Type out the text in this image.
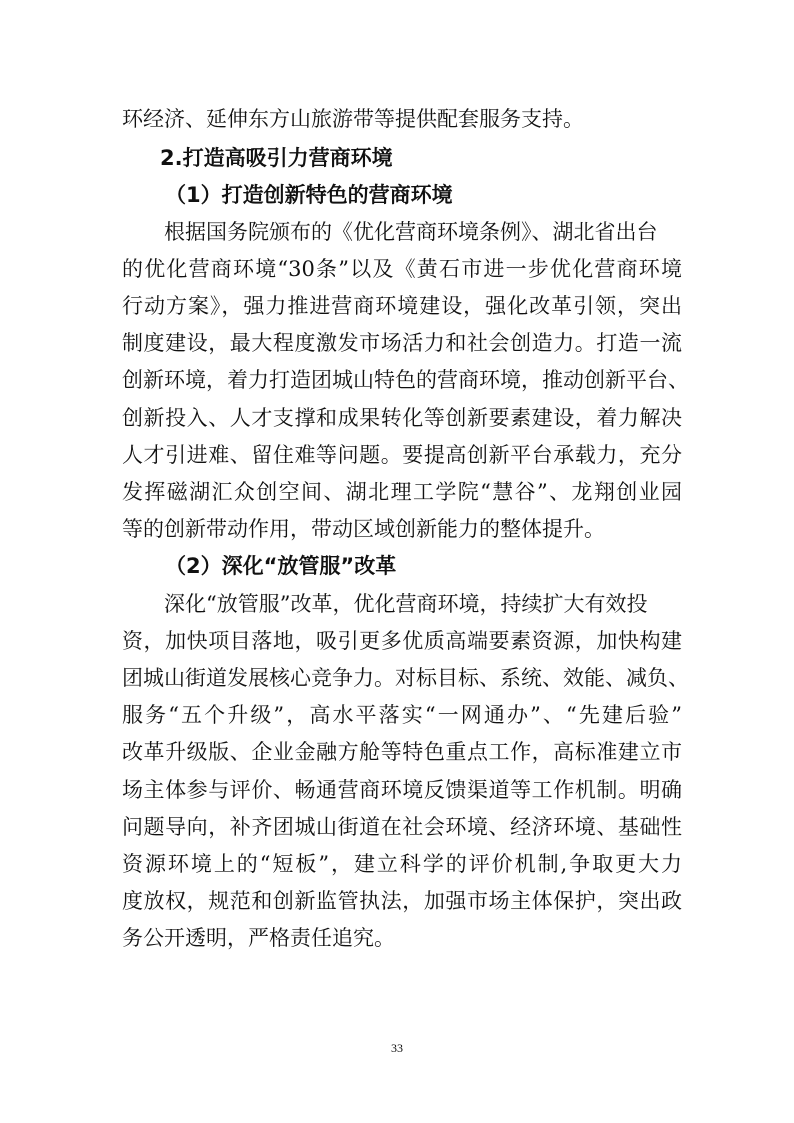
环经济、延伸东方山旅游带等提供配套服务支持。
2.打造高吸引力营商环境
（1）打造创新特色的营商环境
根据国务院颁布的《优化营商环境条例》、湖北省出台
的优化营商环境“30条”以及《黄石市进一步优化营商环境
行动方案》，强力推进营商环境建设，强化改革引领，突出
制度建设，最大程度激发市场活力和社会创造力。打造一流
创新环境，着力打造团城山特色的营商环境，推动创新平台、
创新投入、人才支撑和成果转化等创新要素建设，着力解决
人才引进难、留住难等问题。要提高创新平台承载力，充分
发挥磁湖汇众创空间、湖北理工学院“慧谷”、龙翔创业园
等的创新带动作用，带动区域创新能力的整体提升。
（2）深化“放管服”改革
深化“放管服”改革，优化营商环境，持续扩大有效投
资，加快项目落地，吸引更多优质高端要素资源，加快构建
团城山街道发展核心竞争力。对标目标、系统、效能、减负、
服务“五个升级”，高水平落实“一网通办”、“先建后验”
改革升级版、企业金融方舱等特色重点工作，高标准建立市
场主体参与评价、畅通营商环境反馈渠道等工作机制。明确
问题导向，补齐团城山街道在社会环境、经济环境、基础性
资源环境上的“短板”，建立科学的评价机制,争取更大力
度放权，规范和创新监管执法，加强市场主体保护，突出政
务公开透明，严格责任追究。
33
